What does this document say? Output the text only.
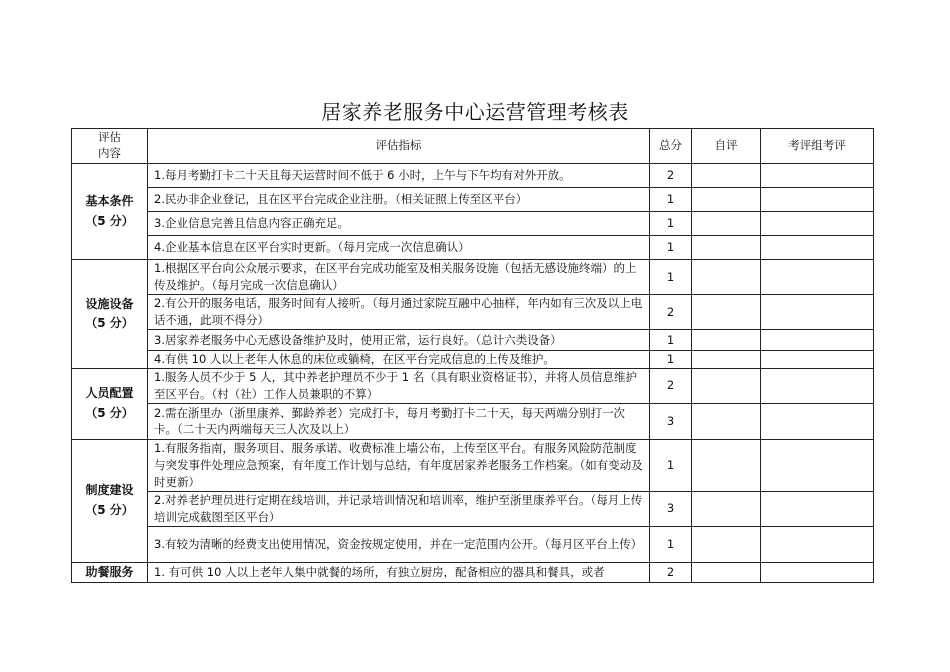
居家养老服务中心运营管理考核表
评估
内容	评估指标	总分	自评	考评组考评

基本条件
（5 分）	1.每月考勤打卡二十天且每天运营时间不低于 6 小时，上午与下午均有对外开放。	2		
	2.民办非企业登记，且在区平台完成企业注册。（相关证照上传至区平台）	1		
	3.企业信息完善且信息内容正确充足。	1		
	4.企业基本信息在区平台实时更新。（每月完成一次信息确认）	1		

设施设备
（5 分）	1.根据区平台向公众展示要求，在区平台完成功能室及相关服务设施（包括无感设施终端）的上传及维护。（每月完成一次信息确认）	1		
	2.有公开的服务电话，服务时间有人接听。（每月通过家院互融中心抽样，年内如有三次及以上电话不通，此项不得分）	2		
	3.居家养老服务中心无感设备维护及时，使用正常，运行良好。（总计六类设备）	1		
	4.有供 10 人以上老年人休息的床位或躺椅，在区平台完成信息的上传及维护。	1		

人员配置
（5 分）	1.服务人员不少于 5 人，其中养老护理员不少于 1 名（具有职业资格证书），并将人员信息维护至区平台。（村（社）工作人员兼职的不算）	2		
	2.需在浙里办（浙里康养、鄞龄养老）完成打卡，每月考勤打卡二十天，每天两端分别打一次卡。（二十天内两端每天三人次及以上）	3		

制度建设
（5 分）	1.有服务指南，服务项目、服务承诺、收费标准上墙公布，上传至区平台。有服务风险防范制度与突发事件处理应急预案，有年度工作计划与总结，有年度居家养老服务工作档案。（如有变动及时更新）	1		
	2.对养老护理员进行定期在线培训，并记录培训情况和培训率，维护至浙里康养平台。（每月上传培训完成截图至区平台）	3		
	3.有较为清晰的经费支出使用情况，资金按规定使用，并在一定范围内公开。（每月区平台上传）	1		

助餐服务	1. 有可供 10 人以上老年人集中就餐的场所，有独立厨房，配备相应的器具和餐具，或者	2		
